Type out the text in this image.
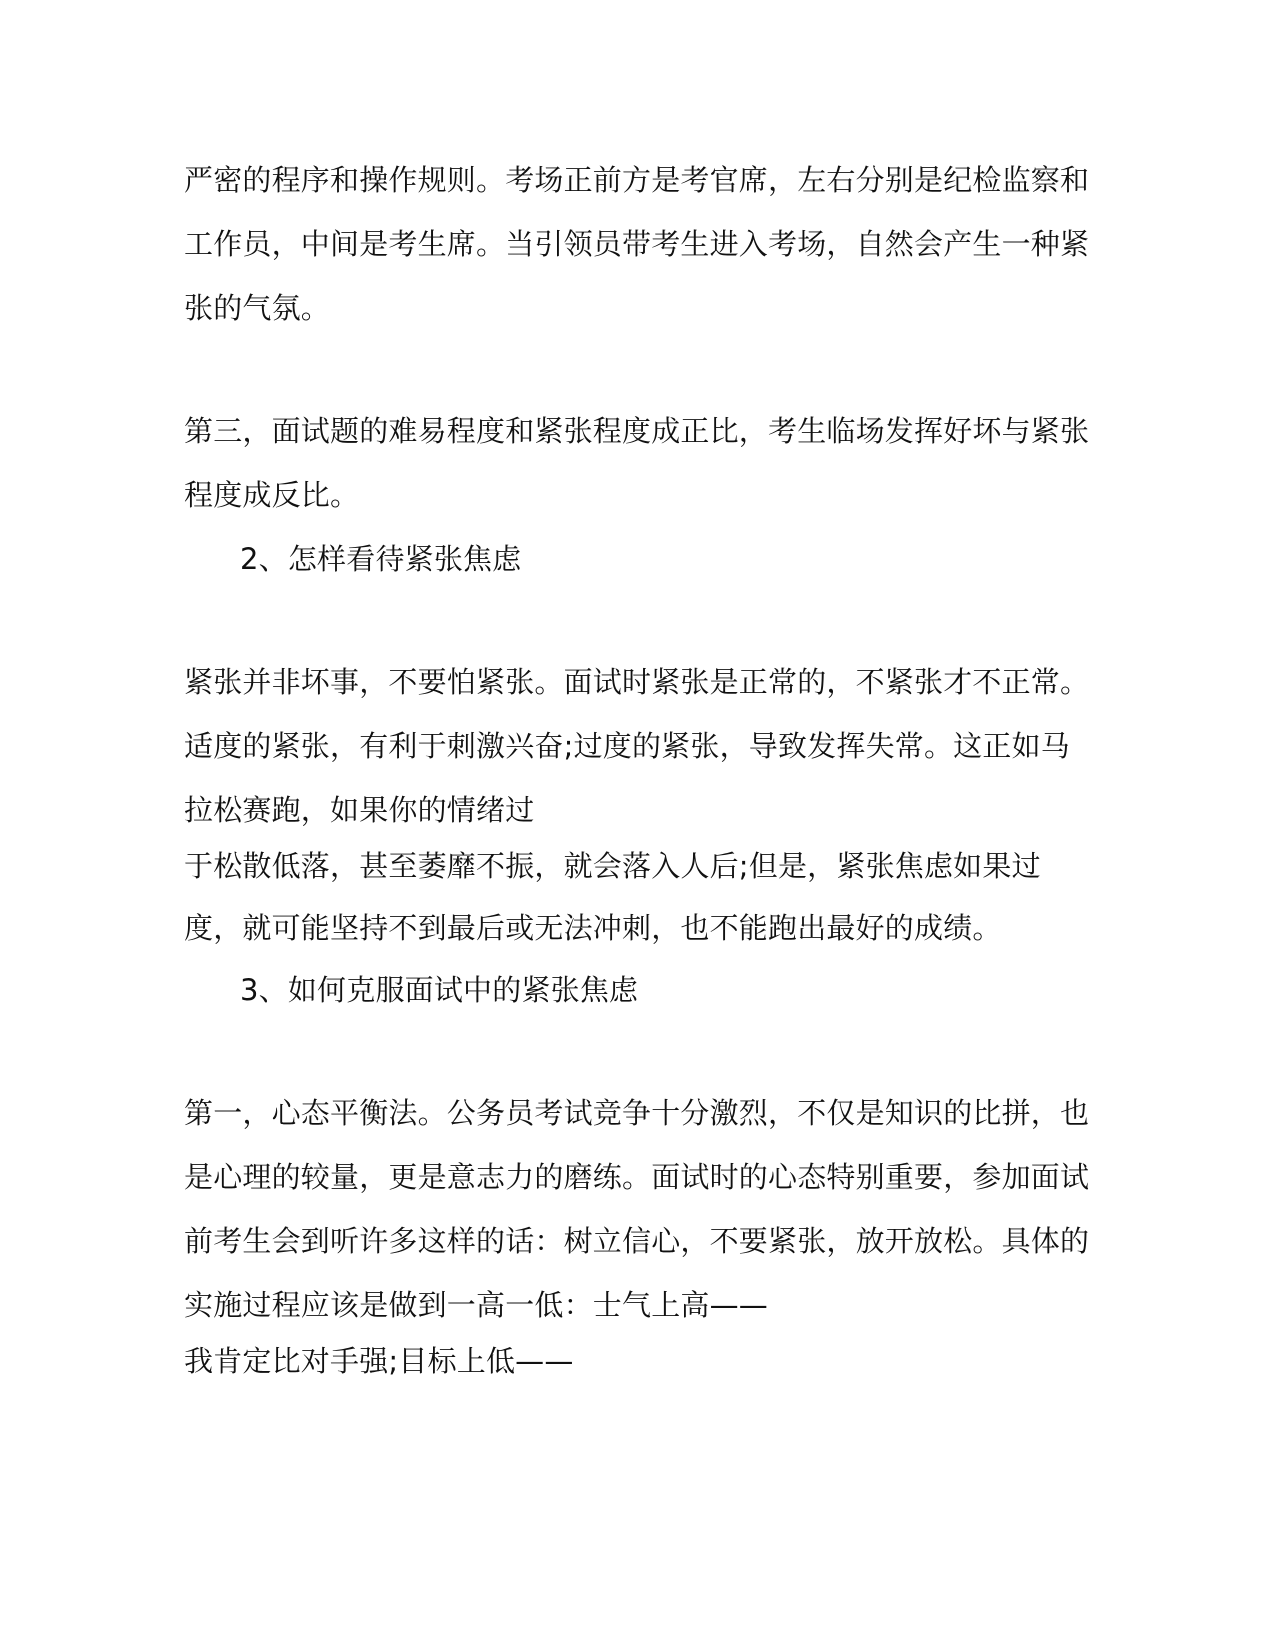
严密的程序和操作规则。考场正前方是考官席，左右分别是纪检监察和
工作员，中间是考生席。当引领员带考生进入考场，自然会产生一种紧
张的气氛。
第三，面试题的难易程度和紧张程度成正比，考生临场发挥好坏与紧张
程度成反比。
2、怎样看待紧张焦虑
紧张并非坏事，不要怕紧张。面试时紧张是正常的，不紧张才不正常。
适度的紧张，有利于刺激兴奋;过度的紧张，导致发挥失常。这正如马
拉松赛跑，如果你的情绪过
于松散低落，甚至萎靡不振，就会落入人后;但是，紧张焦虑如果过
度，就可能坚持不到最后或无法冲刺，也不能跑出最好的成绩。
3、如何克服面试中的紧张焦虑
第一，心态平衡法。公务员考试竞争十分激烈，不仅是知识的比拼，也
是心理的较量，更是意志力的磨练。面试时的心态特别重要，参加面试
前考生会到听许多这样的话：树立信心，不要紧张，放开放松。具体的
实施过程应该是做到一高一低：士气上高——
我肯定比对手强;目标上低——
